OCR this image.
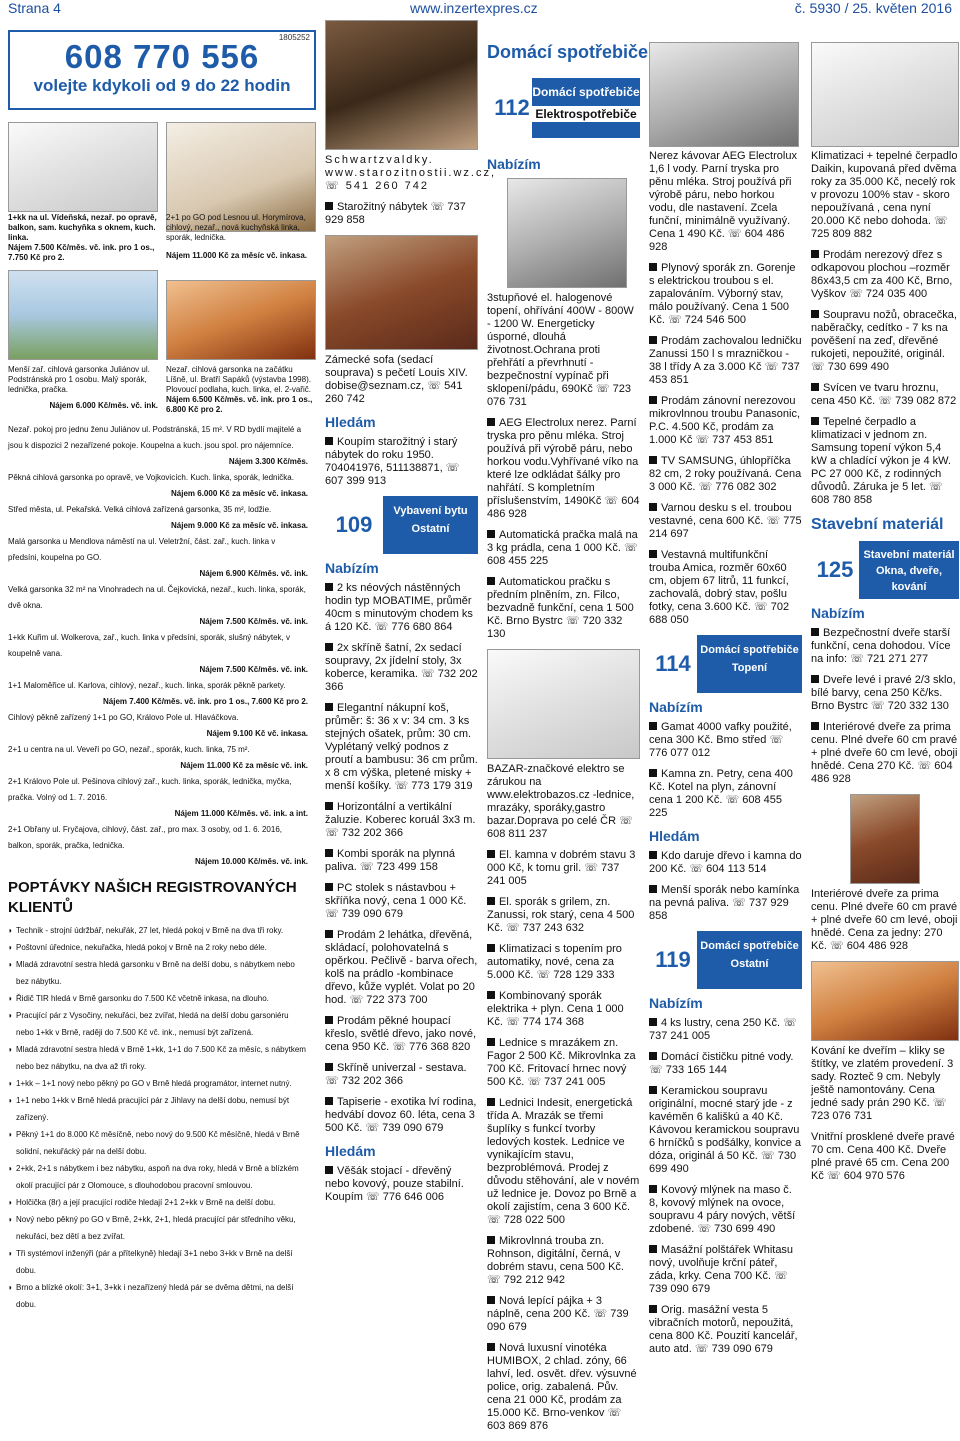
Strana 4	www.inzertexpres.cz	č. 5930 / 25. květen 2016
1805252
608 770 556
volejte kdykoli od 9 do 22 hodin
1+kk na ul. Vídeňská, nezař. po opravě, balkon, sam. kuchyňka s oknem, kuch. linka.
Nájem 7.500 Kč/měs. vč. ink. pro 1 os., 7.750 Kč pro 2.
2+1 po GO pod Lesnou ul. Horymírova, cihlový, nezař., nová kuchyňská linka, sporák, lednička.
Nájem 11.000 Kč za měsíc vč. inkasa.
Menší zař. cihlová garsonka Juliánov ul. Podstránská pro 1 osobu. Malý sporák, lednička, pračka.
Nájem 6.000 Kč/měs. vč. ink.
Nezař. cihlová garsonka na začátku Líšně, ul. Bratří Sapáků (výstavba 1998). Plovoucí podlaha, kuch. linka, el. 2-vařič.
Nájem 6.500 Kč/měs. vč. ink. pro 1 os., 6.800 Kč pro 2.
Nezař. pokoj pro jednu ženu Juliánov ul. Podstránská, 15 m². V RD bydlí majitelé a jsou k dispozici 2 nezařízené pokoje. Koupelna a kuch. jsou spol. pro nájemníce.
Nájem 3.300 Kč/měs.
Pěkná cihlová garsonka po opravě, ve Vojkovicích. Kuch. linka, sporák, lednička.
Nájem 6.000 Kč za měsíc vč. inkasa.
Střed města, ul. Pekařská. Velká cihlová zařízená garsonka, 35 m², lodžie.
Nájem 9.000 Kč za měsíc vč. inkasa.
Malá garsonka u Mendlova náměstí na ul. Veletržní, část. zař., kuch. linka v předsíni, koupelna po GO.
Nájem 6.900 Kč/měs. vč. ink.
Velká garsonka 32 m² na Vinohradech na ul. Čejkovická, nezař., kuch. linka, sporák, dvě okna.
Nájem 7.500 Kč/měs. vč. ink.
1+kk Kuřim ul. Wolkerova, zař., kuch. linka v předsíni, sporák, slušný nábytek, v koupelně vana.
Nájem 7.500 Kč/měs. vč. ink.
1+1 Maloměřice ul. Karlova, cihlový, nezař., kuch. linka, sporák pěkně parkety.
Nájem 7.400 Kč/měs. vč. ink. pro 1 os., 7.600 Kč pro 2.
Cihlový pěkně zařízený 1+1 po GO, Královo Pole ul. Hlaváčkova.
Nájem 9.100 Kč vč. inkasa.
2+1 u centra na ul. Veveří po GO, nezař., sporák, kuch. linka, 75 m².
Nájem 11.000 Kč za měsíc vč. ink.
2+1 Královo Pole ul. Pešinova cihlový zař., kuch. linka, sporák, lednička, myčka, pračka. Volný od 1. 7. 2016.
Nájem 11.000 Kč/měs. vč. ink. a int.
2+1 Obřany ul. Fryčajova, cihlový, část. zař., pro max. 3 osoby, od 1. 6. 2016, balkon, sporák, pračka, lednička.
Nájem 10.000 Kč/měs. vč. ink.
POPTÁVKY NAŠICH REGISTROVANÝCH KLIENTŮ
◗ Technik - strojní údržbář, nekuřák, 27 let, hledá pokoj v Brně na dva tři roky.
◗ Poštovní úřednice, nekuřačka, hledá pokoj v Brně na 2 roky nebo déle.
◗ Mladá zdravotní sestra hledá garsonku v Brně na delší dobu, s nábytkem nebo bez nábytku.
◗ Řidič TIR hledá v Brně garsonku do 7.500 Kč včetně inkasa, na dlouho.
◗ Pracující pár z Vysočiny, nekuřáci, bez zvířat, hledá na delší dobu garsoniéru nebo 1+kk v Brně, raději do 7.500 Kč vč. ink., nemusí být zařízená.
◗ Mladá zdravotní sestra hledá v Brně 1+kk, 1+1 do 7.500 Kč za měsíc, s nábytkem nebo bez nábytku, na dva až tři roky.
◗ 1+kk – 1+1 nový nebo pěkný po GO v Brně hledá programátor, internet nutný.
◗ 1+1 nebo 1+kk v Brně hledá pracující pár z Jihlavy na delší dobu, nemusí být zařízený.
◗ Pěkný 1+1 do 8.000 Kč měsíčně, nebo nový do 9.500 Kč měsíčně, hledá v Brně solidní, nekuřácký pár na delší dobu.
◗ 2+kk, 2+1 s nábytkem i bez nábytku, aspoň na dva roky, hledá v Brně a blízkém okolí pracující pár z Olomouce, s dlouhodobou pracovní smlouvou.
◗ Holčička (8r) a její pracující rodiče hledají 2+1 2+kk v Brně na delší dobu.
◗ Nový nebo pěkný po GO v Brně, 2+kk, 2+1, hledá pracující pár středního věku, nekuřáci, bez dětí a bez zvířat.
◗ Tři systémoví inženýři (pár a přítelkyně) hledají 3+1 nebo 3+kk v Brně na delší dobu.
◗ Brno a blízké okolí: 3+1, 3+kk i nezařízený hledá pár se dvěma dětmi, na delší dobu.
Domácí spotřebiče
112
Domácí spotřebiče
Elektrospotřebiče
Schwartzvaldky. www.starozitnostii.wz.cz, ☏ 541 260 742
Starožitný nábytek ☏ 737 929 858
Zámecké sofa (sedací souprava) s pečetí Louis XIV. dobise@seznam.cz, ☏ 541 260 742
Hledám
Koupím starožitný i starý nábytek do roku 1950. 704041976, 511138871, ☏ 607 399 913
109
Vybavení bytu
Ostatní
Nabízím
2 ks néových nástěnných hodin typ MOBATIME, průměr 40cm s minutovým chodem ks á 120 Kč. ☏ 776 680 864
2x skříně šatní, 2x sedací soupravy, 2x jídelní stoly, 3x koberce, keramika. ☏ 732 202 366
Elegantní nákupní koš, průměr: š: 36 x v: 34 cm. 3 ks stejných ošatek, prům: 30 cm. Vyplétaný velký podnos z proutí a bambusu: 36 cm prům. x 8 cm výška, pletené misky + menší košíky. ☏ 773 179 319
Horizontální a vertikální žaluzie. Koberec koruál 3x3 m. ☏ 732 202 366
Kombi sporák na plynná paliva. ☏ 723 499 158
PC stolek s nástavbou + skříňka nový, cena 1 000 Kč. ☏ 739 090 679
Prodám 2 lehátka, dřevěná, skládací, polohovatelná s opěrkou. Pečlivě - barva ořech, kolš na prádlo -kombinace dřevo, kůže vyplét. Volat po 20 hod. ☏ 722 373 700
Prodám pěkné houpací křeslo, světlé dřevo, jako nové, cena 950 Kč. ☏ 776 368 820
Skříně univerzal - sestava. ☏ 732 202 366
Tapiserie - exotika lví rodina, hedvábí dovoz 60. léta, cena 3 500 Kč. ☏ 739 090 679
Hledám
Věšák stojací - dřevěný nebo kovový, pouze stabilní. Koupím ☏ 776 646 006
Nabízím
3stupňové el. halogenové topení, ohřívání 400W - 800W - 1200 W. Energeticky úsporné, dlouhá životnost.Ochrana proti přehřátí a převrhnutí - bezpečnostní vypínač při sklopení/pádu, 690Kč ☏ 723 076 731
AEG Electrolux nerez. Parní tryska pro pěnu mléka. Stroj používá při výrobě páru, nebo horkou vodu.Vyhřívané víko na které lze odkládat šálky pro nahřátí. S kompletním příslušenstvím, 1490Kč ☏ 604 486 928
Automatická pračka malá na 3 kg prádla, cena 1 000 Kč. ☏ 608 455 225
Automatickou pračku s předním plněním, zn. Filco, bezvadně funkční, cena 1 500 Kč. Brno Bystrc ☏ 720 332 130
BAZAR-značkové elektro se zárukou na www.elektrobazos.cz -lednice, mrazáky, sporáky,gastro bazar.Doprava po celé ČR ☏ 608 811 237
El. kamna v dobrém stavu 3 000 Kč, k tomu gril. ☏ 737 241 005
El. sporák s grilem, zn. Zanussi, rok starý, cena 4 500 Kč. ☏ 737 243 632
Klimatizaci s topením pro automatiky, nové, cena za 5.000 Kč. ☏ 728 129 333
Kombinovaný sporák elektrika + plyn. Cena 1 000 Kč. ☏ 774 174 368
Lednice s mrazákem zn. Fagor 2 500 Kč. Mikrovlnka za 700 Kč. Fritovací hrnec nový 500 Kč. ☏ 737 241 005
Lednici Indesit, energetická třída A. Mrazák se třemi šuplíky s funkcí tvorby ledových kostek. Lednice ve vynikajícím stavu, bezproblémová. Prodej z důvodu stěhování, ale v novém už lednice je. Dovoz po Brně a okolí zajistím, cena 3 600 Kč. ☏ 728 022 500
Mikrovlnná trouba zn. Rohnson, digitální, černá, v dobrém stavu, cena 500 Kč. ☏ 792 212 942
Nová lepící pájka + 3 náplně, cena 200 Kč. ☏ 739 090 679
Nová luxusní vinotéka HUMIBOX, 2 chlad. zóny, 66 lahví, led. osvět. dřev. výsuvné police, orig. zabalená. Pův. cena 21 000 Kč, prodám za 15.000 Kč. Brno-venkov ☏ 603 869 876
Nerez kávovar AEG Electrolux 1,6 l vody. Parní tryska pro pěnu mléka. Stroj používá při výrobě páru, nebo horkou vodu, dle nastavení. Zcela funční, minimálně využívaný. Cena 1 490 Kč. ☏ 604 486 928
Plynový sporák zn. Gorenje s elektrickou troubou s el. zapalováním. Výborný stav, málo používaný. Cena 1 500 Kč. ☏ 724 546 500
Prodám zachovalou ledničku Zanussi 150 l s mrazničkou - 38 l třídy A za 3.000 Kč ☏ 737 453 851
Prodám zánovní nerezovou mikrovlnnou troubu Panasonic, P.C. 4.500 Kč, prodám za 1.000 Kč ☏ 737 453 851
TV SAMSUNG, úhlopříčka 82 cm, 2 roky používaná. Cena 3 000 Kč. ☏ 776 082 302
Varnou desku s el. troubou vestavné, cena 600 Kč. ☏ 775 214 697
Vestavná multifunkční trouba Amica, rozměr 60x60 cm, objem 67 litrů, 11 funkcí, zachovalá, dobrý stav, pošlu fotky, cena 3.600 Kč. ☏ 702 688 050
114
Domácí spotřebiče
Topení
Nabízím
Gamat 4000 vafky použité, cena 300 Kč. Bmo střed ☏ 776 077 012
Kamna zn. Petry, cena 400 Kč. Kotel na plyn, zánovní cena 1 200 Kč. ☏ 608 455 225
Hledám
Kdo daruje dřevo i kamna do 200 Kč. ☏ 604 113 514
Menší sporák nebo kamínka na pevná paliva. ☏ 737 929 858
119
Domácí spotřebiče
Ostatní
Nabízím
4 ks lustry, cena 250 Kč. ☏ 737 241 005
Domácí čističku pitné vody. ☏ 733 165 144
Keramickou soupravu originální, mocné starý jde - z kavéměn 6 kališkú a 40 Kč. Kávovou keramickou soupravu 6 hrníčků s podšálky, konvice a dóza, originál á 50 Kč. ☏ 730 699 490
Kovový mlýnek na maso č. 8, kovový mlýnek na ovoce, soupravu 4 páry nových, větší zdobené. ☏ 730 699 490
Masážní polštářek Whitasu nový, uvolňuje krční páteř, záda, krky. Cena 700 Kč. ☏ 739 090 679
Orig. masážní vesta 5 vibračních motorů, nepoužitá, cena 800 Kč. Pouzití kancelář, auto atd. ☏ 739 090 679
Klimatizaci + tepelné čerpadlo Daikin, kupovaná před dvěma roky za 35.000 Kč, necelý rok v provozu 100% stav - skoro nepoužívaná , cena nyní 20.000 Kč nebo dohoda. ☏ 725 809 882
Prodám nerezový dřez s odkapovou plochou –rozměr 86x43,5 cm za 400 Kč, Brno, Vyškov ☏ 724 035 400
Soupravu nožů, obracečka, naběračky, cedítko - 7 ks na pověšení na zeď, dřevěné rukojeti, nepoužité, originál. ☏ 730 699 490
Svícen ve tvaru hroznu, cena 450 Kč. ☏ 739 082 872
Tepelné čerpadlo a klimatizaci v jednom zn. Samsung topení výkon 5,4 kW a chladící výkon je 4 kW. PC 27 000 Kč, z rodinných důvodů. Záruka je 5 let. ☏ 608 780 858
Stavební materiál
125
Stavební materiál
Okna, dveře, kování
Nabízím
Bezpečnostní dveře starší funkční, cena dohodou. Více na info: ☏ 721 271 277
Dveře levé i pravé 2/3 sklo, bílé barvy, cena 250 Kč/ks. Brno Bystrc ☏ 720 332 130
Interiérové dveře za prima cenu. Plné dveře 60 cm pravé + plné dveře 60 cm levé, oboji hnědé. Cena 270 Kč. ☏ 604 486 928
Interiérové dveře za prima cenu. Plné dveře 60 cm pravé + plné dveře 60 cm levé, oboji hnědé. Cena za jedny: 270 Kč. ☏ 604 486 928
Kování ke dveřím – kliky se štítky, ve zlatém provedení. 3 sady. Rozteč 9 cm. Nebyly ještě namontovány. Cena jedné sady prán 290 Kč. ☏ 723 076 731
Vnitřní prosklené dveře pravé 70 cm. Cena 400 Kč. Dveře plné pravé 65 cm. Cena 200 Kč ☏ 604 970 576
